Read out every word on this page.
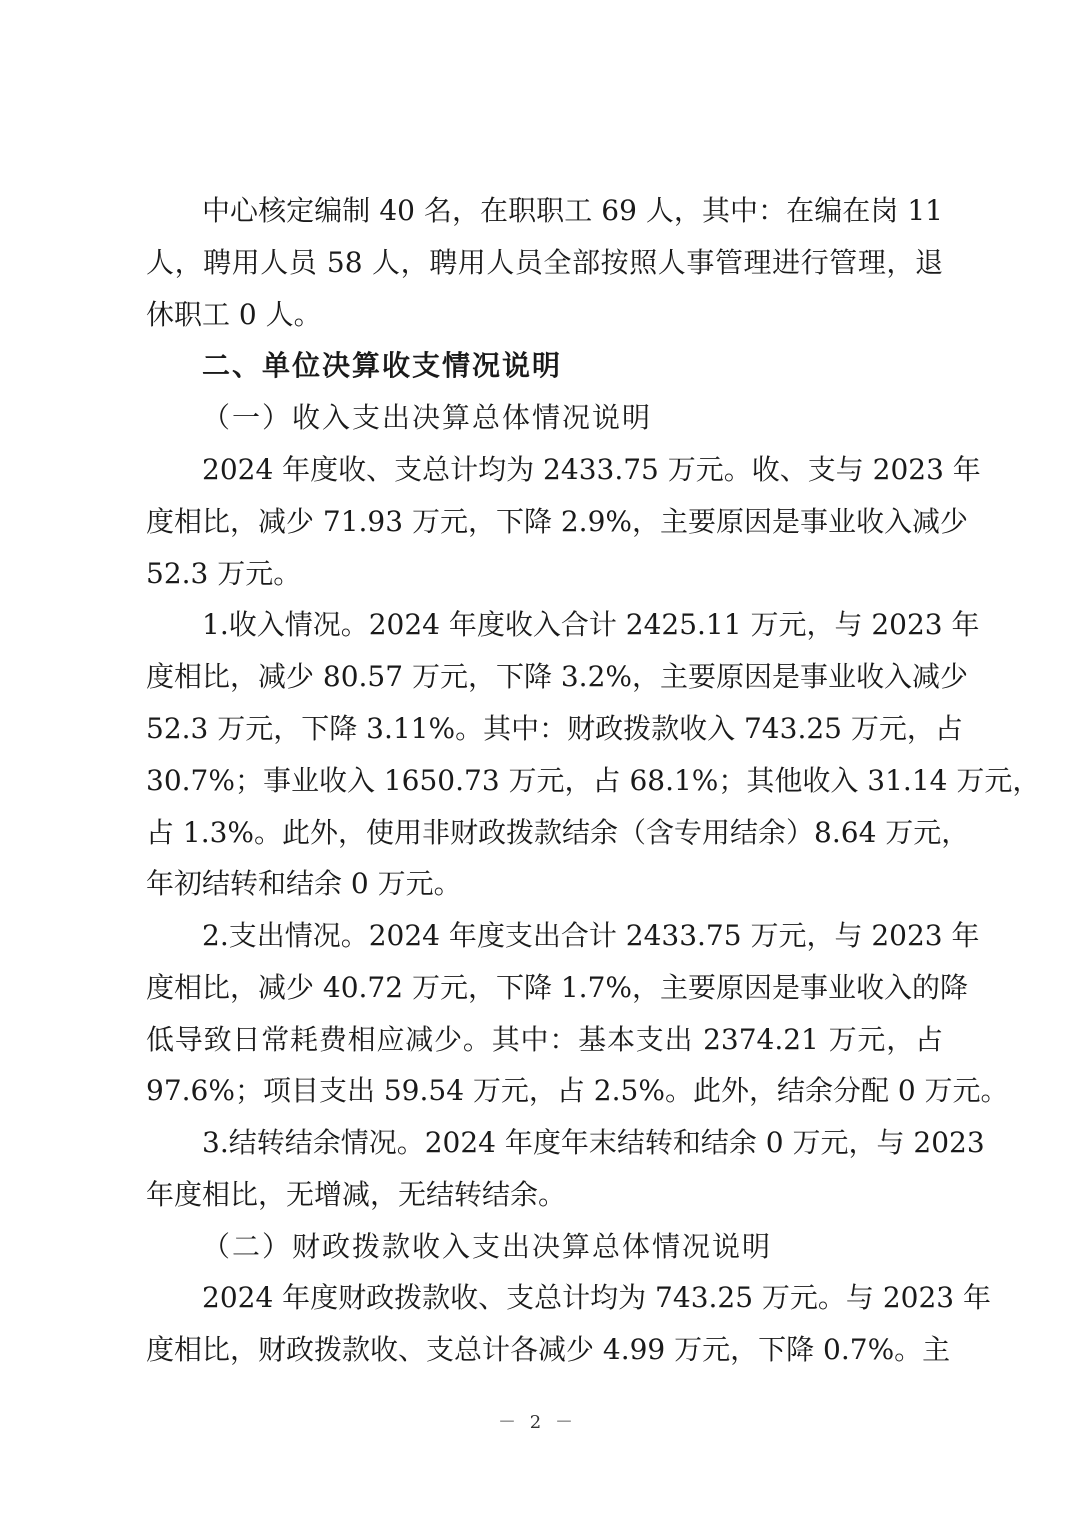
中心核定编制 40 名，在职职工 69 人，其中：在编在岗 11
人，聘用人员 58 人，聘用人员全部按照人事管理进行管理，退
休职工 0 人。
二、单位决算收支情况说明
（一）收入支出决算总体情况说明
2024 年度收、支总计均为 2433.75 万元。收、支与 2023 年
度相比，减少 71.93 万元，下降 2.9%，主要原因是事业收入减少
52.3 万元。
1.收入情况。2024 年度收入合计 2425.11 万元，与 2023 年
度相比，减少 80.57 万元，下降 3.2%，主要原因是事业收入减少
52.3 万元，下降 3.11%。其中：财政拨款收入 743.25 万元，占
30.7%；事业收入 1650.73 万元，占 68.1%；其他收入 31.14 万元，
占 1.3%。此外，使用非财政拨款结余（含专用结余）8.64 万元，
年初结转和结余 0 万元。
2.支出情况。2024 年度支出合计 2433.75 万元，与 2023 年
度相比，减少 40.72 万元，下降 1.7%，主要原因是事业收入的降
低导致日常耗费相应减少。其中：基本支出 2374.21 万元，占
97.6%；项目支出 59.54 万元，占 2.5%。此外，结余分配 0 万元。
3.结转结余情况。2024 年度年末结转和结余 0 万元，与 2023
年度相比，无增减，无结转结余。
（二）财政拨款收入支出决算总体情况说明
2024 年度财政拨款收、支总计均为 743.25 万元。与 2023 年
度相比，财政拨款收、支总计各减少 4.99 万元，下降 0.7%。主
－ 2 －
